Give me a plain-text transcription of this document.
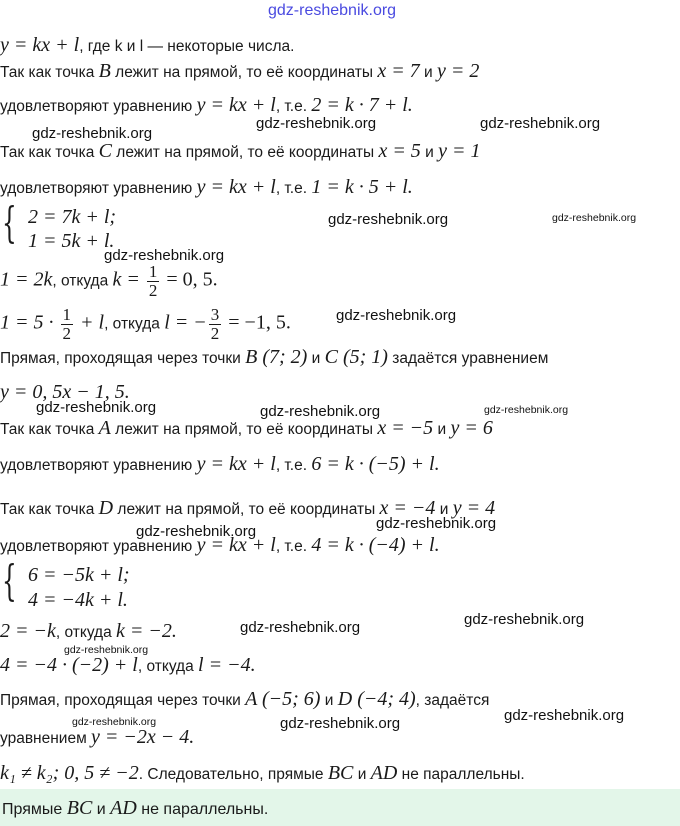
y = kx + l, где k и l — некоторые числа.
Так как точка B лежит на прямой, то её координаты x = 7 и y = 2
удовлетворяют уравнению y = kx + l, т.е. 2 = k · 7 + l.
Так как точка C лежит на прямой, то её координаты x = 5 и y = 1
удовлетворяют уравнению y = kx + l, т.е. 1 = k · 5 + l.
{ 2 = 7k + l;
1 = 5k + l.
1 = 2k, откуда $k = \frac{1}{2} = 0$, 5.
$1 = 5 \cdot \frac{1}{2} + l$, откуда l = − $\frac{3}{2} = -1$, 5.
Прямая, проходящая через точки B (7; 2) и C (5; 1) задаётся уравнением
y = 0, 5x − 1, 5.
Так как точка A лежит на прямой, то её координаты x = −5 и y = 6
удовлетворяют уравнению y = kx + l, т.е. 6 = k · (−5) + l.
Так как точка D лежит на прямой, то её координаты x = −4 и y = 4
удовлетворяют уравнению y = kx + l, т.е. 4 = k · (−4) + l.
{ 6 = −5k + l;
4 = −4k + l.
2 = −k, откуда k = −2.
4 = −4 · (−2) + l, откуда l = −4.
Прямая, проходящая через точки A (−5; 6) и D (−4; 4), задаётся
уравнением y = −2x − 4.
k₁ ≠ k₂; 0, 5 ≠ −2. Следовательно, прямые BC и AD не параллельны.
Прямые BC и AD не параллельны.
gdz-reshebnik.org
gdz-reshebnik.org
gdz-reshebnik.org	gdz-reshebnik.org
gdz-reshebnik.org	gdz-reshebnik.org
gdz-reshebnik.org
gdz-reshebnik.org
gdz-reshebnik.org	gdz-reshebnik.org	gdz-reshebnik.org
gdz-reshebnik.org	gdz-reshebnik.org
gdz-reshebnik.org	gdz-reshebnik.org
gdz-reshebnik.org
gdz-reshebnik.org	gdz-reshebnik.org	gdz-reshebnik.org
